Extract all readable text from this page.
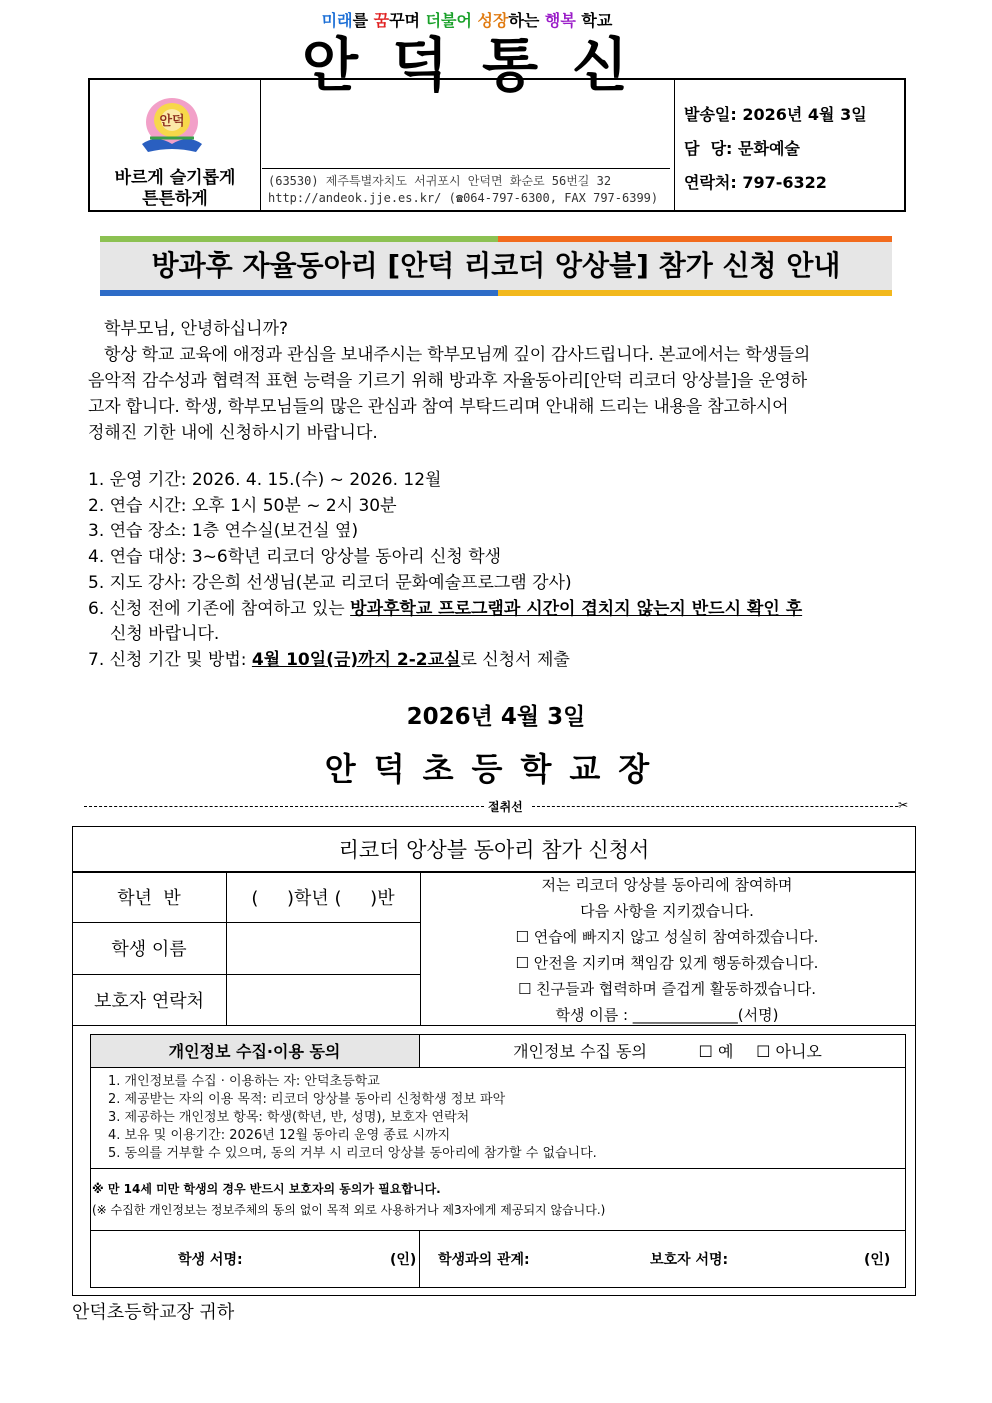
안덕
바르게 슬기롭게
튼튼하게
미래를 꿈꾸며 더불어 성장하는 행복 학교
안덕통신
(63530) 제주특별자치도 서귀포시 안덕면 화순로 56번길 32
http://andeok.jje.es.kr/ (☎064-797-6300, FAX 797-6399)
발송일: 2026년 4월 3일
담  당: 문화예술
연락처: 797-6322
방과후 자율동아리 [안덕 리코더 앙상블] 참가 신청 안내
학부모님, 안녕하십니까?
항상 학교 교육에 애정과 관심을 보내주시는 학부모님께 깊이 감사드립니다. 본교에서는 학생들의
음악적 감수성과 협력적 표현 능력을 기르기 위해 방과후 자율동아리[안덕 리코더 앙상블]을 운영하
고자 합니다. 학생, 학부모님들의 많은 관심과 참여 부탁드리며 안내해 드리는 내용을 참고하시어
정해진 기한 내에 신청하시기 바랍니다.
1. 운영 기간: 2026. 4. 15.(수) ~ 2026. 12월
2. 연습 시간: 오후 1시 50분 ~ 2시 30분
3. 연습 장소: 1층 연수실(보건실 옆)
4. 연습 대상: 3~6학년 리코더 앙상블 동아리 신청 학생
5. 지도 강사: 강은희 선생님(본교 리코더 문화예술프로그램 강사)
6. 신청 전에 기존에 참여하고 있는 방과후학교 프로그램과 시간이 겹치지 않는지 반드시 확인 후
신청 바랍니다.
7. 신청 기간 및 방법: 4월 10일(금)까지 2-2교실로 신청서 제출
2026년 4월 3일
안덕초등학교장
절취선	✂
리코더 앙상블 동아리 참가 신청서
학년  반	(     )학년 (     )반
학생 이름
보호자 연락처
저는 리코더 앙상블 동아리에 참여하며
다음 사항을 지키겠습니다.
☐ 연습에 빠지지 않고 성실히 참여하겠습니다.
☐ 안전을 지키며 책임감 있게 행동하겠습니다.
☐ 친구들과 협력하며 즐겁게 활동하겠습니다.
학생 이름 : ______________(서명)
개인정보 수집·이용 동의	개인정보 수집 동의	☐ 예	☐ 아니오
1. 개인정보를 수집 · 이용하는 자: 안덕초등학교
2. 제공받는 자의 이용 목적: 리코더 앙상블 동아리 신청학생 정보 파악
3. 제공하는 개인정보 항목: 학생(학년, 반, 성명), 보호자 연락처
4. 보유 및 이용기간: 2026년 12월 동아리 운영 종료 시까지
5. 동의를 거부할 수 있으며, 동의 거부 시 리코더 앙상블 동아리에 참가할 수 없습니다.
※ 만 14세 미만 학생의 경우 반드시 보호자의 동의가 필요합니다.
(※ 수집한 개인정보는 정보주체의 동의 없이 목적 외로 사용하거나 제3자에게 제공되지 않습니다.)
학생 서명:	(인) 학생과의 관계:	보호자 서명:	(인)
안덕초등학교장 귀하
